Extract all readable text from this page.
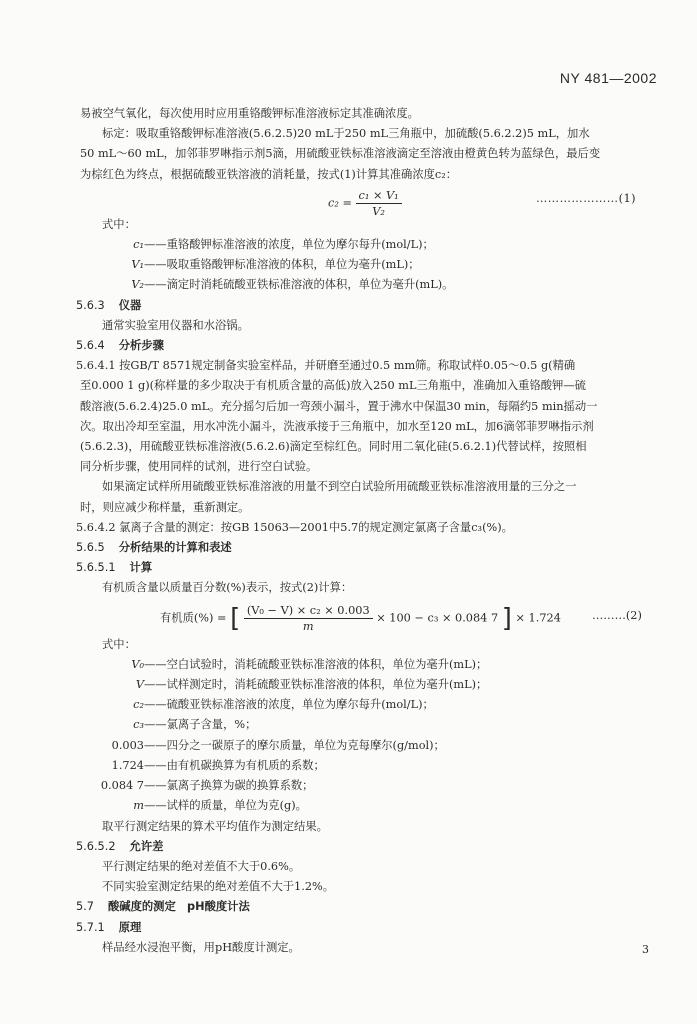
NY 481—2002

易被空气氧化，每次使用时应用重铬酸钾标准溶液标定其准确浓度。

标定：吸取重铬酸钾标准溶液(5.6.2.5)20 mL于250 mL三角瓶中，加硫酸(5.6.2.2)5 mL，加水

50 mL～60 mL，加邻菲罗啉指示剂5滴，用硫酸亚铁标准溶液滴定至溶液由橙黄色转为蓝绿色，最后变

为棕红色为终点，根据硫酸亚铁溶液的消耗量，按式(1)计算其准确浓度c₂：

$c_2 = \frac{\text{c₁ × V₁}}{\text{V₂}}$	…………………(1)

式中：

c₁ ——重铬酸钾标准溶液的浓度，单位为摩尔每升(mol/L)；
V₁ ——吸取重铬酸钾标准溶液的体积，单位为毫升(mL)；
V₂ ——滴定时消耗硫酸亚铁标准溶液的体积，单位为毫升(mL)。

5.6.3 仪器

通常实验室用仪器和水浴锅。

5.6.4 分析步骤

5.6.4.1 按GB/T 8571规定制备实验室样品，并研磨至通过0.5 mm筛。称取试样0.05～0.5 g(精确

至0.000 1 g)(称样量的多少取决于有机质含量的高低)放入250 mL三角瓶中，准确加入重铬酸钾—硫

酸溶液(5.6.2.4)25.0 mL。充分摇匀后加一弯颈小漏斗，置于沸水中保温30 min，每隔约5 min摇动一

次。取出冷却至室温，用水冲洗小漏斗，洗液承接于三角瓶中，加水至120 mL，加6滴邻菲罗啉指示剂

(5.6.2.3)，用硫酸亚铁标准溶液(5.6.2.6)滴定至棕红色。同时用二氧化硅(5.6.2.1)代替试样，按照相

同分析步骤，使用同样的试剂，进行空白试验。

如果滴定试样所用硫酸亚铁标准溶液的用量不到空白试验所用硫酸亚铁标准溶液用量的三分之一

时，则应减少称样量，重新测定。

5.6.4.2 氯离子含量的测定：按GB 15063—2001中5.7的规定测定氯离子含量c₃(%)。

5.6.5 分析结果的计算和表述

5.6.5.1 计算

有机质含量以质量百分数(%)表示，按式(2)计算：

有机质(%) = [ $\frac{\text{(V₀ − V) × c₂ × 0.003}}{m} \times 100 - c_3 \times 0.084$ 7 ] × 1.724	………(2)

式中：

V₀ ——空白试验时，消耗硫酸亚铁标准溶液的体积，单位为毫升(mL)；
V ——试样测定时，消耗硫酸亚铁标准溶液的体积，单位为毫升(mL)；
c₂ ——硫酸亚铁标准溶液的浓度，单位为摩尔每升(mol/L)；
c₃ ——氯离子含量，%；
0.003 ——四分之一碳原子的摩尔质量，单位为克每摩尔(g/mol)；
1.724 ——由有机碳换算为有机质的系数；
0.084 7 ——氯离子换算为碳的换算系数；
m ——试样的质量，单位为克(g)。

取平行测定结果的算术平均值作为测定结果。

5.6.5.2 允许差

平行测定结果的绝对差值不大于0.6%。

不同实验室测定结果的绝对差值不大于1.2%。

5.7 酸碱度的测定　pH酸度计法

5.7.1 原理

样品经水浸泡平衡，用pH酸度计测定。	3
